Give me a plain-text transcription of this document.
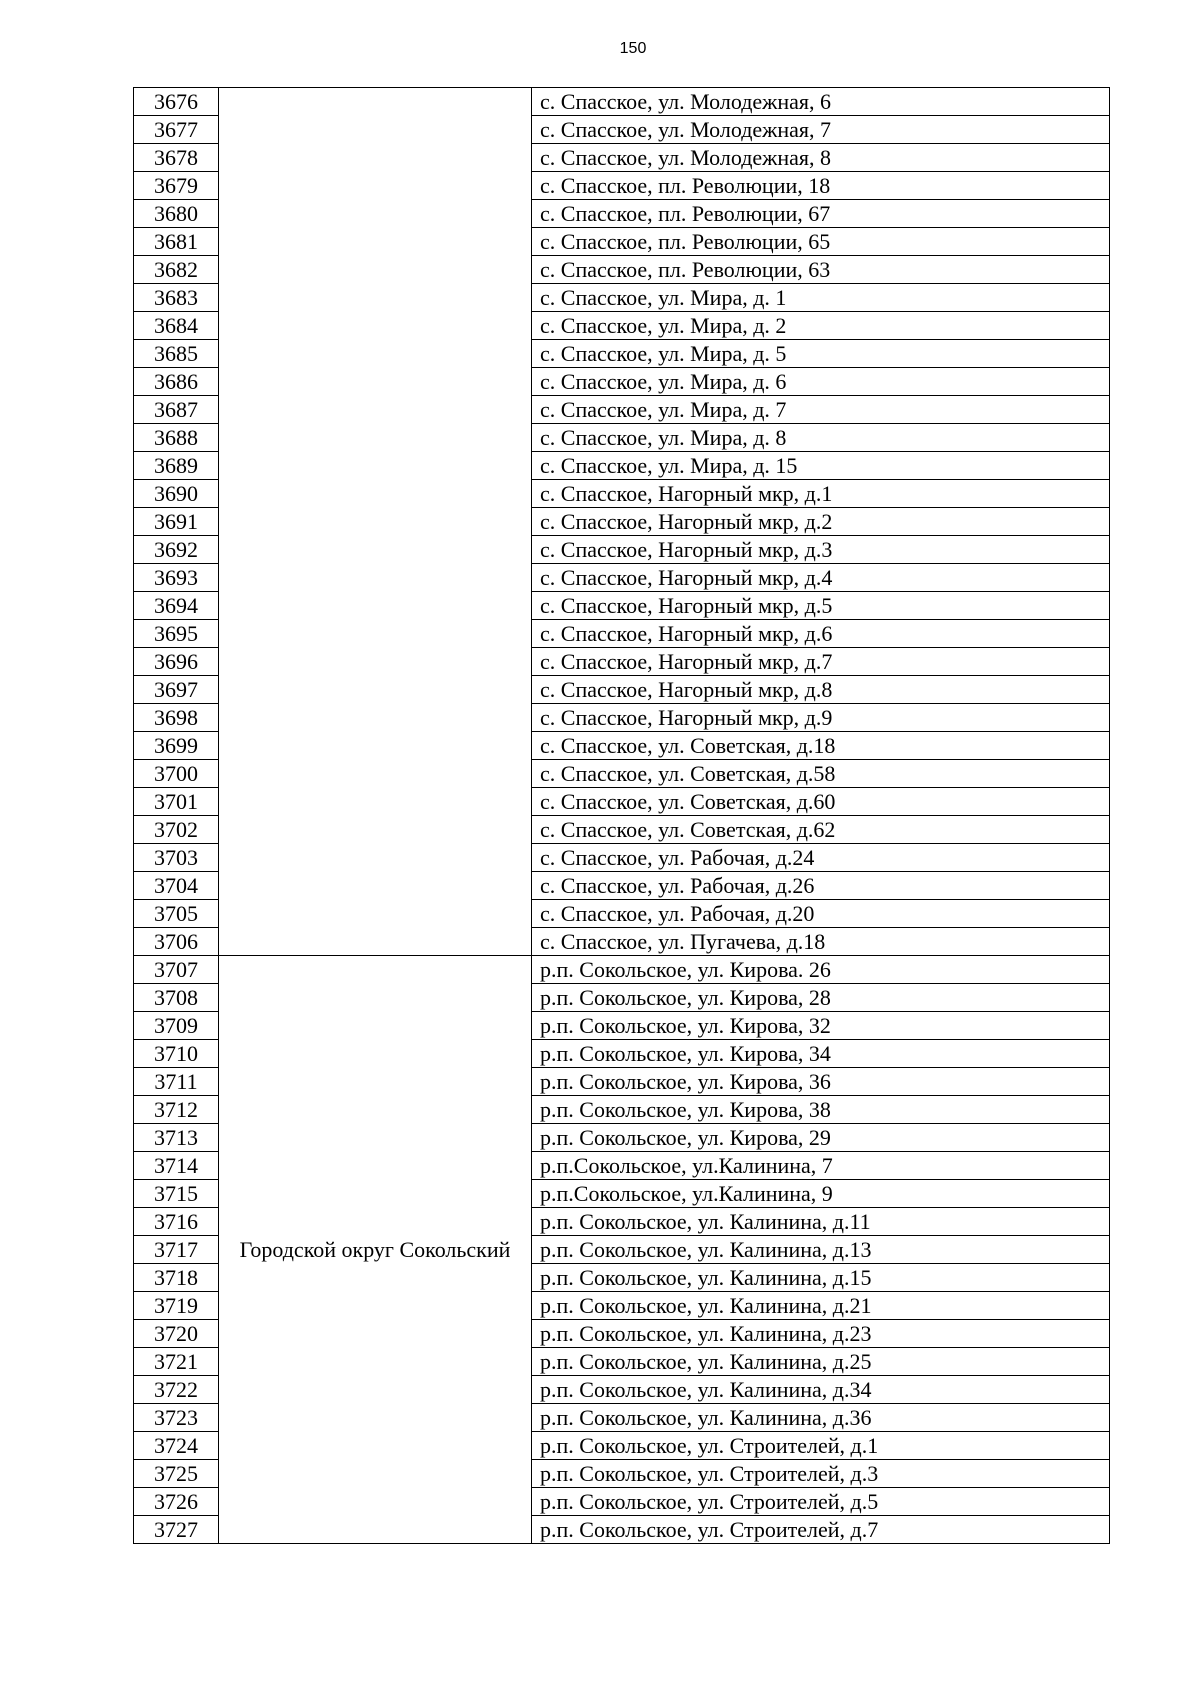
150
3676		с. Спасское, ул. Молодежная, 6
3677		с. Спасское, ул. Молодежная, 7
3678		с. Спасское, ул. Молодежная, 8
3679		с. Спасское, пл. Революции, 18
3680		с. Спасское, пл. Революции, 67
3681		с. Спасское, пл. Революции, 65
3682		с. Спасское, пл. Революции, 63
3683		с. Спасское, ул. Мира, д. 1
3684		с. Спасское, ул. Мира, д. 2
3685		с. Спасское, ул. Мира, д. 5
3686		с. Спасское, ул. Мира, д. 6
3687		с. Спасское, ул. Мира, д. 7
3688		с. Спасское, ул. Мира, д. 8
3689		с. Спасское, ул. Мира, д. 15
3690		с. Спасское, Нагорный мкр, д.1
3691		с. Спасское, Нагорный мкр, д.2
3692		с. Спасское, Нагорный мкр, д.3
3693		с. Спасское, Нагорный мкр, д.4
3694		с. Спасское, Нагорный мкр, д.5
3695		с. Спасское, Нагорный мкр, д.6
3696		с. Спасское, Нагорный мкр, д.7
3697		с. Спасское, Нагорный мкр, д.8
3698		с. Спасское, Нагорный мкр, д.9
3699		с. Спасское, ул. Советская, д.18
3700		с. Спасское, ул. Советская, д.58
3701		с. Спасское, ул. Советская, д.60
3702		с. Спасское, ул. Советская, д.62
3703		с. Спасское, ул. Рабочая, д.24
3704		с. Спасское, ул. Рабочая, д.26
3705		с. Спасское, ул. Рабочая, д.20
3706		с. Спасское, ул. Пугачева, д.18
3707	Городской округ Сокольский	р.п. Сокольское, ул. Кирова. 26
3708		р.п. Сокольское, ул. Кирова, 28
3709		р.п. Сокольское, ул. Кирова, 32
3710		р.п. Сокольское, ул. Кирова, 34
3711		р.п. Сокольское, ул. Кирова, 36
3712		р.п. Сокольское, ул. Кирова, 38
3713		р.п. Сокольское, ул. Кирова, 29
3714		р.п.Сокольское, ул.Калинина, 7
3715		р.п.Сокольское, ул.Калинина, 9
3716		р.п. Сокольское, ул. Калинина, д.11
3717		р.п. Сокольское, ул. Калинина, д.13
3718		р.п. Сокольское, ул. Калинина, д.15
3719		р.п. Сокольское, ул. Калинина, д.21
3720		р.п. Сокольское, ул. Калинина, д.23
3721		р.п. Сокольское, ул. Калинина, д.25
3722		р.п. Сокольское, ул. Калинина, д.34
3723		р.п. Сокольское, ул. Калинина, д.36
3724		р.п. Сокольское, ул. Строителей, д.1
3725		р.п. Сокольское, ул. Строителей, д.3
3726		р.п. Сокольское, ул. Строителей, д.5
3727		р.п. Сокольское, ул. Строителей, д.7
